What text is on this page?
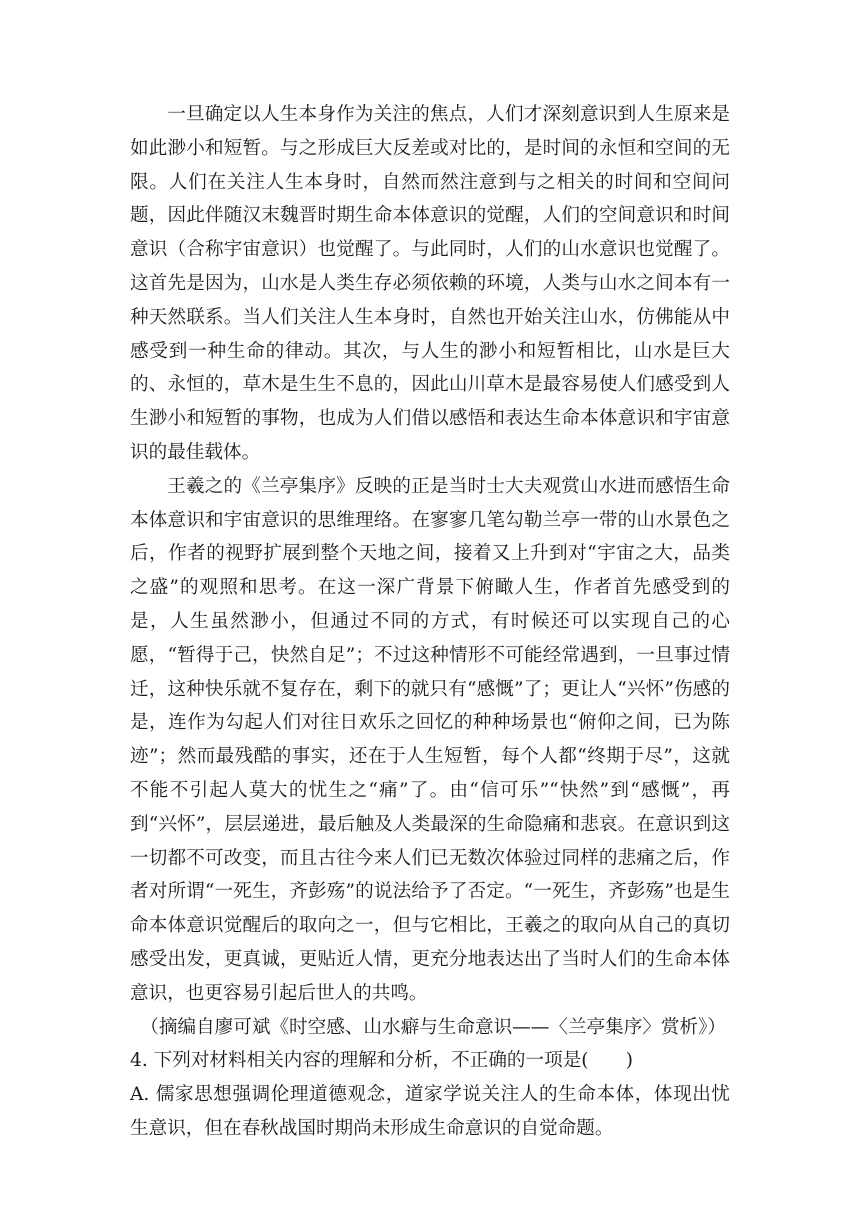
一旦确定以人生本身作为关注的焦点，人们才深刻意识到人生原来是如此渺小和短暂。与之形成巨大反差或对比的，是时间的永恒和空间的无限。人们在关注人生本身时，自然而然注意到与之相关的时间和空间问题，因此伴随汉末魏晋时期生命本体意识的觉醒，人们的空间意识和时间意识（合称宇宙意识）也觉醒了。与此同时，人们的山水意识也觉醒了。这首先是因为，山水是人类生存必须依赖的环境，人类与山水之间本有一种天然联系。当人们关注人生本身时，自然也开始关注山水，仿佛能从中感受到一种生命的律动。其次，与人生的渺小和短暂相比，山水是巨大的、永恒的，草木是生生不息的，因此山川草木是最容易使人们感受到人生渺小和短暂的事物，也成为人们借以感悟和表达生命本体意识和宇宙意识的最佳载体。

王羲之的《兰亭集序》反映的正是当时士大夫观赏山水进而感悟生命本体意识和宇宙意识的思维理络。在寥寥几笔勾勒兰亭一带的山水景色之后，作者的视野扩展到整个天地之间，接着又上升到对“宇宙之大，品类之盛”的观照和思考。在这一深广背景下俯瞰人生，作者首先感受到的是，人生虽然渺小，但通过不同的方式，有时候还可以实现自己的心愿，“暂得于己，快然自足”；不过这种情形不可能经常遇到，一旦事过情迁，这种快乐就不复存在，剩下的就只有“感慨”了；更让人“兴怀”伤感的是，连作为勾起人们对往日欢乐之回忆的种种场景也“俯仰之间，已为陈迹”；然而最残酷的事实，还在于人生短暂，每个人都“终期于尽”，这就不能不引起人莫大的忧生之“痛”了。由“信可乐”“快然”到“感慨”，再到“兴怀”，层层递进，最后触及人类最深的生命隐痛和悲哀。在意识到这一切都不可改变，而且古往今来人们已无数次体验过同样的悲痛之后，作者对所谓“一死生，齐彭殇”的说法给予了否定。“一死生，齐彭殇”也是生命本体意识觉醒后的取向之一，但与它相比，王羲之的取向从自己的真切感受出发，更真诚，更贴近人情，更充分地表达出了当时人们的生命本体意识，也更容易引起后世人的共鸣。

（摘编自廖可斌《时空感、山水癖与生命意识——〈兰亭集序〉赏析》）

4. 下列对材料相关内容的理解和分析，不正确的一项是(　　)

A. 儒家思想强调伦理道德观念，道家学说关注人的生命本体，体现出忧生意识，但在春秋战国时期尚未形成生命意识的自觉命题。
